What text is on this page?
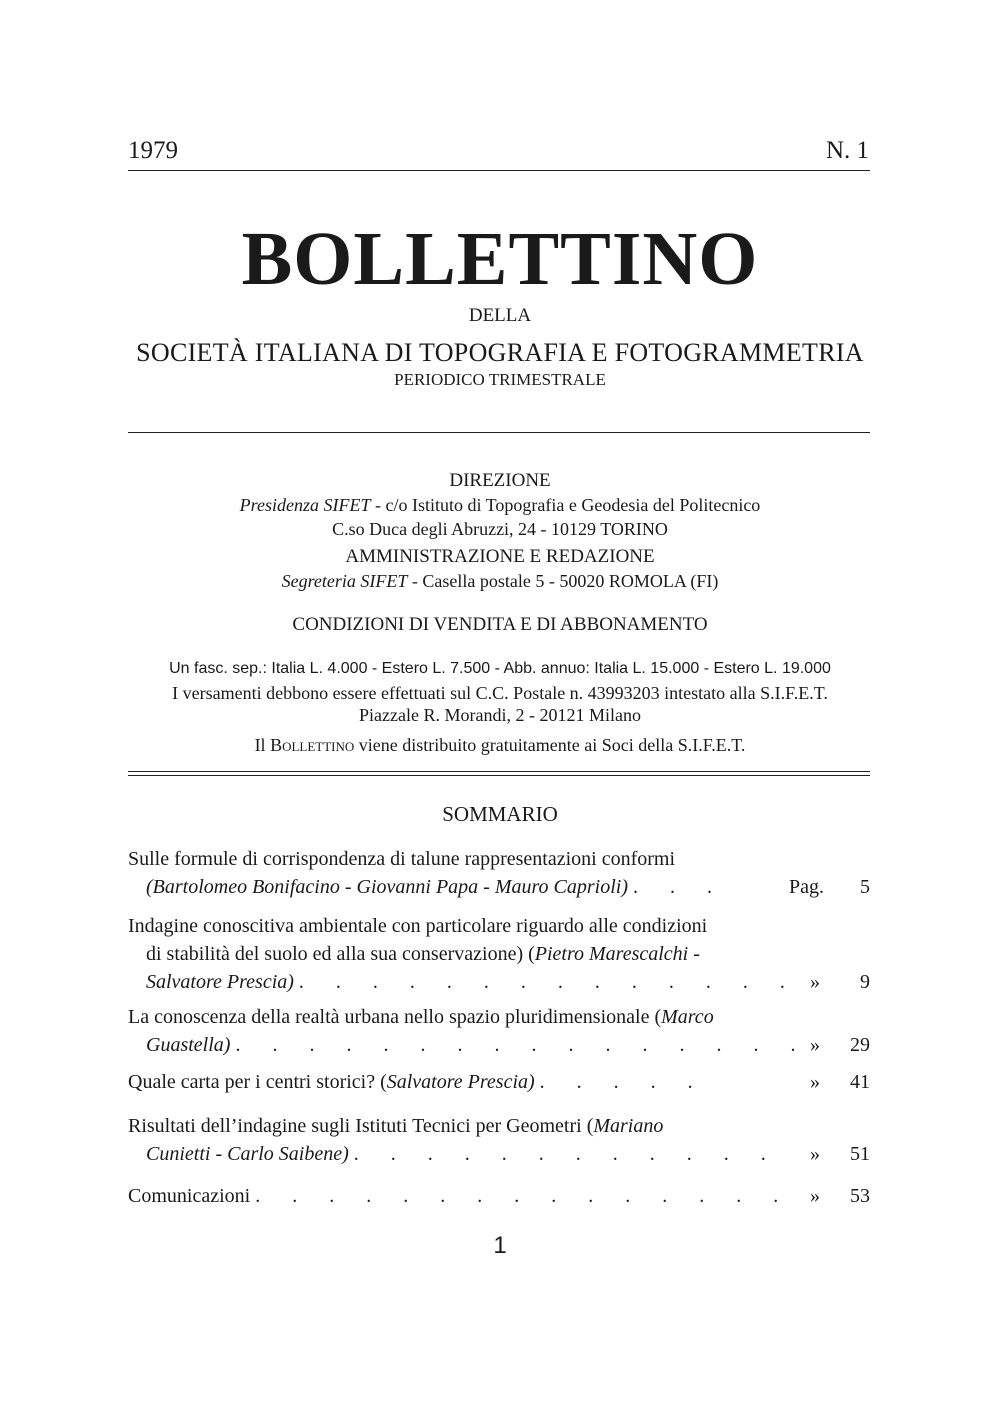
1979	N. 1
BOLLETTINO
DELLA
SOCIETÀ ITALIANA DI TOPOGRAFIA E FOTOGRAMMETRIA
PERIODICO TRIMESTRALE
DIREZIONE
Presidenza SIFET - c/o Istituto di Topografia e Geodesia del Politecnico
C.so Duca degli Abruzzi, 24 - 10129 TORINO
AMMINISTRAZIONE E REDAZIONE
Segreteria SIFET - Casella postale 5 - 50020 ROMOLA (FI)
CONDIZIONI DI VENDITA E DI ABBONAMENTO
Un fasc. sep.: Italia L. 4.000 - Estero L. 7.500 - Abb. annuo: Italia L. 15.000 - Estero L. 19.000
I versamenti debbono essere effettuati sul C.C. Postale n. 43993203 intestato alla S.I.F.E.T.
Piazzale R. Morandi, 2 - 20121 Milano
Il Bollettino viene distribuito gratuitamente ai Soci della S.I.F.E.T.
SOMMARIO
Sulle formule di corrispondenza di talune rappresentazioni conformi
(Bartolomeo Bonifacino - Giovanni Papa - Mauro Caprioli) . . .	Pag. 5
Indagine conoscitiva ambientale con particolare riguardo alle condizioni
di stabilità del suolo ed alla sua conservazione) (Pietro Marescalchi -
Salvatore Prescia) . . . . . . . . . . . . . . » 9
La conoscenza della realtà urbana nello spazio pluridimensionale (Marco
Guastella) . . . . . . . . . . . . . . . . » 29
Quale carta per i centri storici? (Salvatore Prescia) . . . . .	» 41
Risultati dell’indagine sugli Istituti Tecnici per Geometri (Mariano
Cunietti - Carlo Saibene) . . . . . . . . . . . . » 51
Comunicazioni . . . . . . . . . . . . . . . » 53
1
